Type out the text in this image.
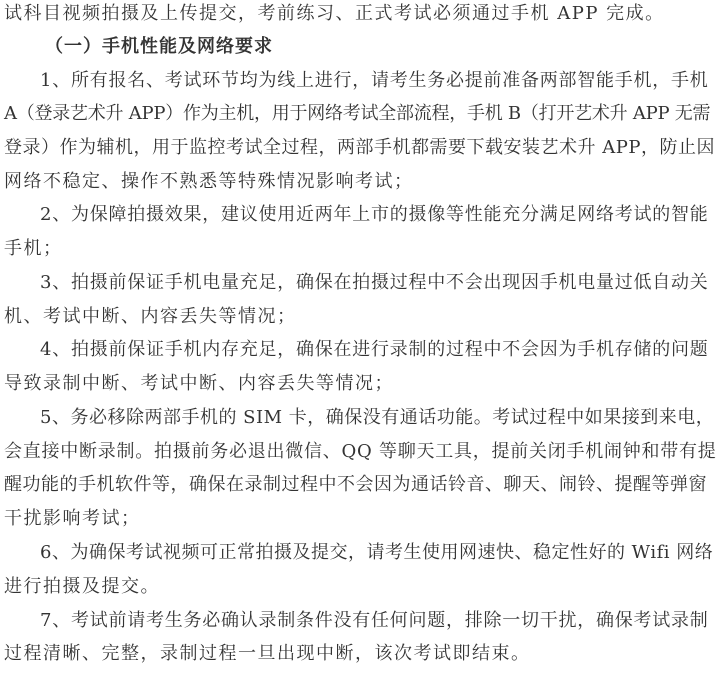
试科目视频拍摄及上传提交，考前练习、正式考试必须通过手机 APP 完成。
（一）手机性能及网络要求
1、所有报名、考试环节均为线上进行，请考生务必提前准备两部智能手机，手机
A（登录艺术升 APP）作为主机，用于网络考试全部流程，手机 B（打开艺术升 APP 无需
登录）作为辅机，用于监控考试全过程，两部手机都需要下载安装艺术升 APP，防止因
网络不稳定、操作不熟悉等特殊情况影响考试；
2、为保障拍摄效果，建议使用近两年上市的摄像等性能充分满足网络考试的智能
手机；
3、拍摄前保证手机电量充足，确保在拍摄过程中不会出现因手机电量过低自动关
机、考试中断、内容丢失等情况；
4、拍摄前保证手机内存充足，确保在进行录制的过程中不会因为手机存储的问题
导致录制中断、考试中断、内容丢失等情况；
5、务必移除两部手机的 SIM 卡，确保没有通话功能。考试过程中如果接到来电，
会直接中断录制。拍摄前务必退出微信、QQ 等聊天工具，提前关闭手机闹钟和带有提
醒功能的手机软件等，确保在录制过程中不会因为通话铃音、聊天、闹铃、提醒等弹窗
干扰影响考试；
6、为确保考试视频可正常拍摄及提交，请考生使用网速快、稳定性好的 Wifi 网络
进行拍摄及提交。
7、考试前请考生务必确认录制条件没有任何问题，排除一切干扰，确保考试录制
过程清晰、完整，录制过程一旦出现中断，该次考试即结束。
